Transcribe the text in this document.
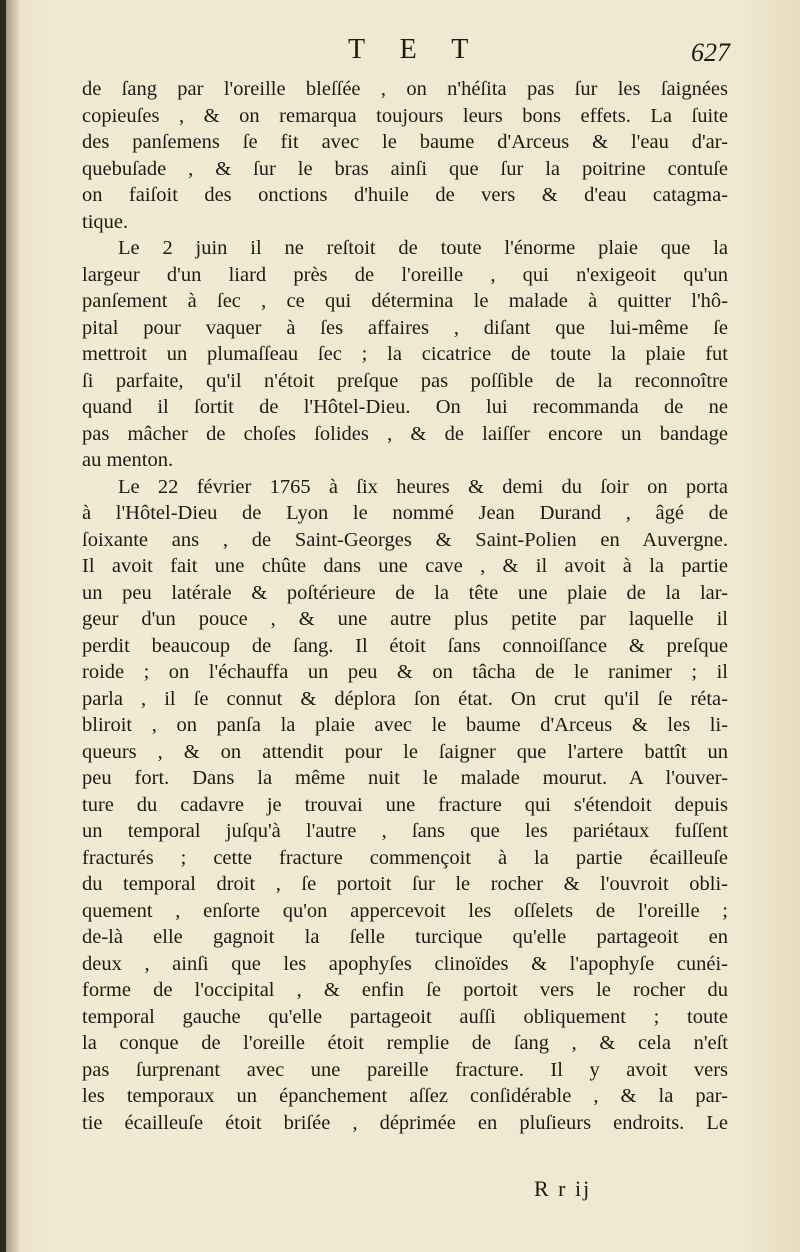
T E T	627
de ſang par l'oreille bleſſée , on n'héſita pas ſur les ſaignées
copieuſes , & on remarqua toujours leurs bons effets. La ſuite
des panſemens ſe fit avec le baume d'Arceus & l'eau d'ar-
quebuſade , & ſur le bras ainſi que ſur la poitrine contuſe
on faiſoit des onctions d'huile de vers & d'eau catagma-
tique.
Le 2 juin il ne reſtoit de toute l'énorme plaie que la
largeur d'un liard près de l'oreille , qui n'exigeoit qu'un
panſement à ſec , ce qui détermina le malade à quitter l'hô-
pital pour vaquer à ſes affaires , diſant que lui-même ſe
mettroit un plumaſſeau ſec ; la cicatrice de toute la plaie fut
ſi parfaite, qu'il n'étoit preſque pas poſſible de la reconnoître
quand il ſortit de l'Hôtel-Dieu. On lui recommanda de ne
pas mâcher de choſes ſolides , & de laiſſer encore un bandage
au menton.
Le 22 février 1765 à ſix heures & demi du ſoir on porta
à l'Hôtel-Dieu de Lyon le nommé Jean Durand , âgé de
ſoixante ans , de Saint-Georges & Saint-Polien en Auvergne.
Il avoit fait une chûte dans une cave , & il avoit à la partie
un peu latérale & poſtérieure de la tête une plaie de la lar-
geur d'un pouce , & une autre plus petite par laquelle il
perdit beaucoup de ſang. Il étoit ſans connoiſſance & preſque
roide ; on l'échauffa un peu & on tâcha de le ranimer ; il
parla , il ſe connut & déplora ſon état. On crut qu'il ſe réta-
bliroit , on panſa la plaie avec le baume d'Arceus & les li-
queurs , & on attendit pour le ſaigner que l'artere battît un
peu fort. Dans la même nuit le malade mourut. A l'ouver-
ture du cadavre je trouvai une fracture qui s'étendoit depuis
un temporal juſqu'à l'autre , ſans que les pariétaux fuſſent
fracturés ; cette fracture commençoit à la partie écailleuſe
du temporal droit , ſe portoit ſur le rocher & l'ouvroit obli-
quement , enſorte qu'on appercevoit les oſſelets de l'oreille ;
de-là elle gagnoit la ſelle turcique qu'elle partageoit en
deux , ainſi que les apophyſes clinoïdes & l'apophyſe cunéi-
forme de l'occipital , & enfin ſe portoit vers le rocher du
temporal gauche qu'elle partageoit auſſi obliquement ; toute
la conque de l'oreille étoit remplie de ſang , & cela n'eſt
pas ſurprenant avec une pareille fracture. Il y avoit vers
les temporaux un épanchement aſſez conſidérable , & la par-
tie écailleuſe étoit briſée , déprimée en pluſieurs endroits. Le
R r ij
